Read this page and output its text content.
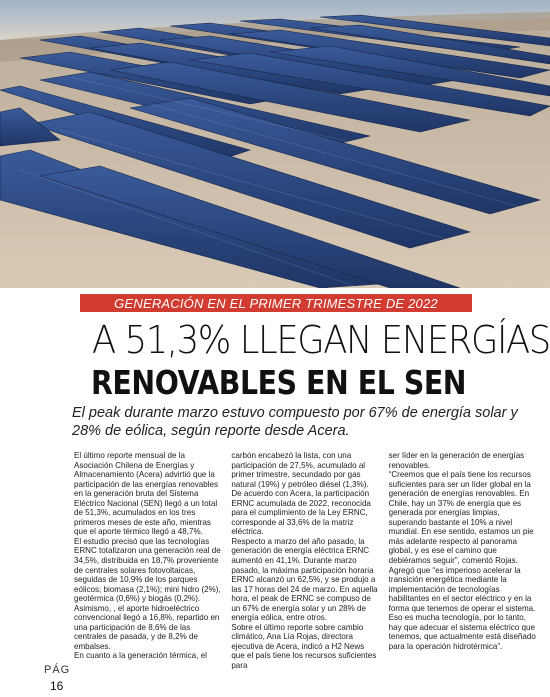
GENERACIÓN EN EL PRIMER TRIMESTRE DE 2022
A 51,3% LLEGAN ENERGÍAS
RENOVABLES EN EL SEN
El peak durante marzo estuvo compuesto por 67% de energía solar y 28% de eólica, según reporte desde Acera.

El último reporte mensual de la Asociación Chilena de Energías y Almacenamiento (Acera) advirtió que la participación de las energías renovables en la generación bruta del Sistema Eléctrico Nacional (SEN) llegó a un total de 51,3%, acumulados en los tres primeros meses de este año, mientras que el aporte térmico llegó a 48,7%.

El estudio precisó que las tecnologías ERNC totalizaron una generación real de 34,5%, distribuida en 18,7% proveniente de centrales solares fotovoltaicas, seguidas de 10,9% de los parques eólicos; biomasa (2,1%); mini hidro (2%), geotérmica (0,6%) y biogás (0,2%).

Asimismo, , el aporte hidroeléctrico convencional llegó a 16,8%, repartido en una participación de 8,6% de las centrales de pasada, y de 8,2% de embalses.

En cuanto a la generación térmica, el

carbón encabezó la lista, con una participación de 27,5%, acumulado al primer trimestre, secundado por gas natural (19%) y petróleo diésel (1,3%).

De acuerdo con Acera, la participación ERNC acumulada de 2022, reconocida para el cumplimiento de la Ley ERNC, corresponde al 33,6% de la matriz eléctrica.

Respecto a marzo del año pasado, la generación de energía eléctrica ERNC aumentó en 41,1%. Durante marzo pasado, la máxima participación horaria ERNC alcanzó un 62,5%, y se produjo a las 17 horas del 24 de marzo. En aquella hora, el peak de ERNC se compuso de un 67% de energía solar y un 28% de energía eólica, entre otros.

Sobre el último reporte sobre cambio climático, Ana Lía Rojas, directora ejecutiva de Acera, indicó a H2 News que el país tiene los recursos suficientes para

ser líder en la generación de energías renovables.

“Creemos que el país tiene los recursos suficientes para ser un líder global en la generación de energías renovables. En Chile, hay un 37% de energía que es generada por energías limpias, superando bastante el 10% a nivel mundial. En ese sentido, estamos un pie más adelante respecto al panorama global, y es ese el camino que debiéramos seguir”, comentó Rojas.

Agregó que “es imperioso acelerar la transición energética mediante la implementación de tecnologías habilitantes en el sector eléctrico y en la forma que tenemos de operar el sistema. Eso es mucha tecnología, por lo tanto, hay que adecuar el sistema eléctrico que tenemos, que actualmente está diseñado para la operación hidrotérmica”.

PÁG
16
